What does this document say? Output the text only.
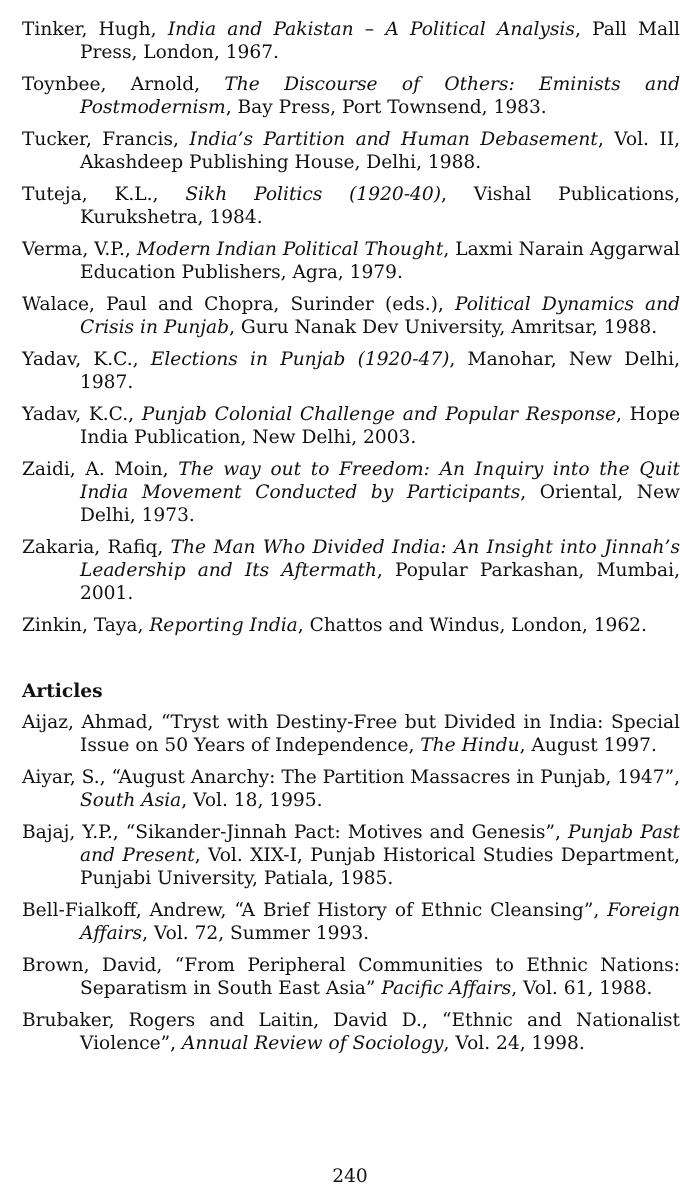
Tinker, Hugh, India and Pakistan – A Political Analysis, Pall Mall Press, London, 1967.

Toynbee, Arnold, The Discourse of Others: Eminists and Postmodernism, Bay Press, Port Townsend, 1983.

Tucker, Francis, India’s Partition and Human Debasement, Vol. II, Akashdeep Publishing House, Delhi, 1988.

Tuteja, K.L., Sikh Politics (1920-40), Vishal Publications, Kurukshetra, 1984.

Verma, V.P., Modern Indian Political Thought, Laxmi Narain Aggarwal Education Publishers, Agra, 1979.

Walace, Paul and Chopra, Surinder (eds.), Political Dynamics and Crisis in Punjab, Guru Nanak Dev University, Amritsar, 1988.

Yadav, K.C., Elections in Punjab (1920-47), Manohar, New Delhi, 1987.

Yadav, K.C., Punjab Colonial Challenge and Popular Response, Hope India Publication, New Delhi, 2003.

Zaidi, A. Moin, The way out to Freedom: An Inquiry into the Quit India Movement Conducted by Participants, Oriental, New Delhi, 1973.

Zakaria, Rafiq, The Man Who Divided India: An Insight into Jinnah’s Leadership and Its Aftermath, Popular Parkashan, Mumbai, 2001.

Zinkin, Taya, Reporting India, Chattos and Windus, London, 1962.

Articles

Aijaz, Ahmad, “Tryst with Destiny-Free but Divided in India: Special Issue on 50 Years of Independence, The Hindu, August 1997.

Aiyar, S., “August Anarchy: The Partition Massacres in Punjab, 1947”, South Asia, Vol. 18, 1995.

Bajaj, Y.P., “Sikander-Jinnah Pact: Motives and Genesis”, Punjab Past and Present, Vol. XIX-I, Punjab Historical Studies Department, Punjabi University, Patiala, 1985.

Bell-Fialkoff, Andrew, “A Brief History of Ethnic Cleansing”, Foreign Affairs, Vol. 72, Summer 1993.

Brown, David, “From Peripheral Communities to Ethnic Nations: Separatism in South East Asia” Pacific Affairs, Vol. 61, 1988.

Brubaker, Rogers and Laitin, David D., “Ethnic and Nationalist Violence”, Annual Review of Sociology, Vol. 24, 1998.

240
